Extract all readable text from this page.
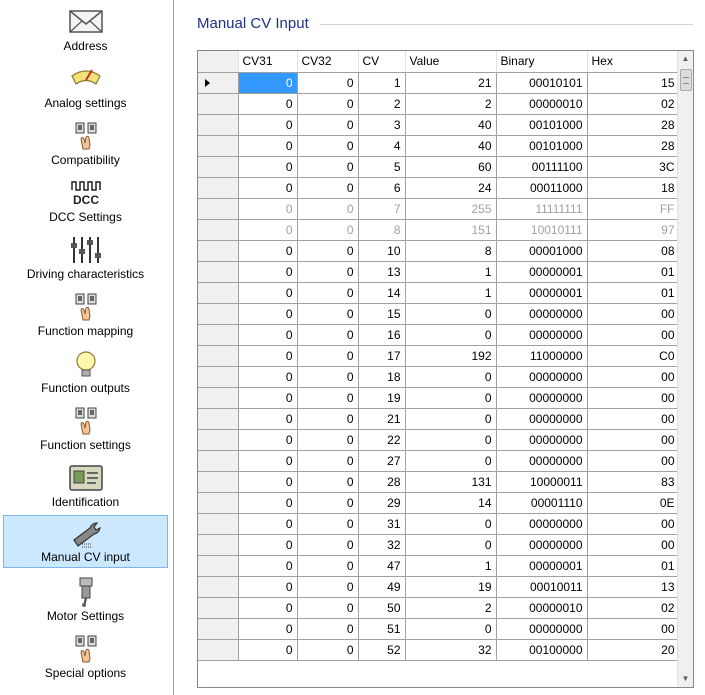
Address
Analog settings
Compatibility
DCC
DCC Settings
Driving characteristics
Function mapping
Function outputs
Function settings
Identification
Manual CV input
Motor Settings
Special options
Manual CV Input
	CV31	CV32	CV	Value	Binary	Hex
	0	0	1	21	00010101	15
	0	0	2	2	00000010	02
	0	0	3	40	00101000	28
	0	0	4	40	00101000	28
	0	0	5	60	00111100	3C
	0	0	6	24	00011000	18
	0	0	7	255	11111111	FF
	0	0	8	151	10010111	97
	0	0	10	8	00001000	08
	0	0	13	1	00000001	01
	0	0	14	1	00000001	01
	0	0	15	0	00000000	00
	0	0	16	0	00000000	00
	0	0	17	192	11000000	C0
	0	0	18	0	00000000	00
	0	0	19	0	00000000	00
	0	0	21	0	00000000	00
	0	0	22	0	00000000	00
	0	0	27	0	00000000	00
	0	0	28	131	10000011	83
	0	0	29	14	00001110	0E
	0	0	31	0	00000000	00
	0	0	32	0	00000000	00
	0	0	47	1	00000001	01
	0	0	49	19	00010011	13
	0	0	50	2	00000010	02
	0	0	51	0	00000000	00
	0	0	52	32	00100000	20
▲
▼
